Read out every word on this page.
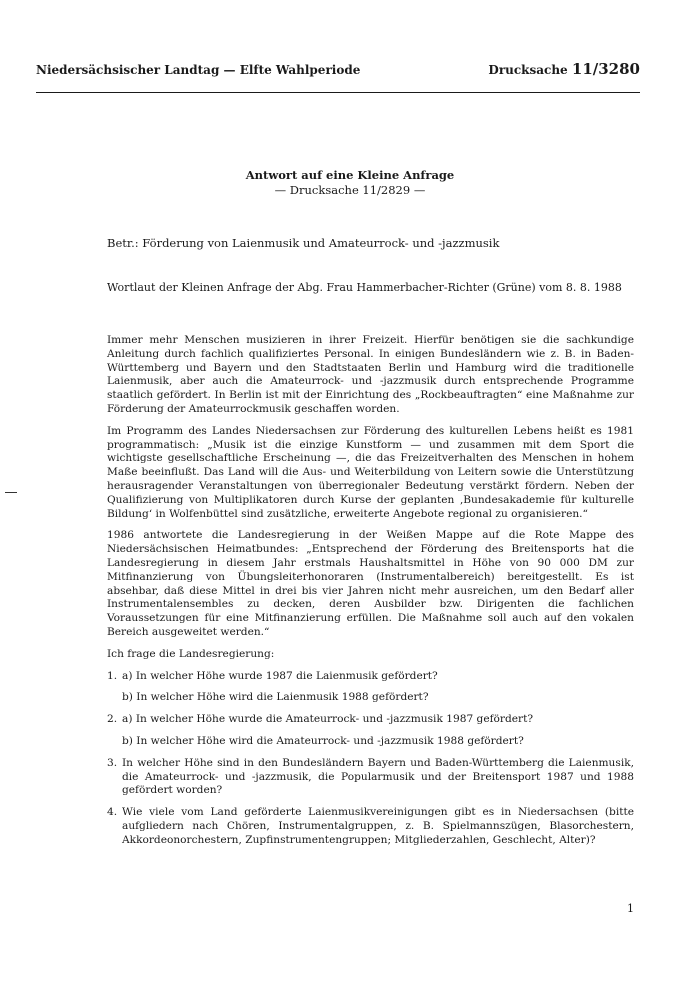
Niedersächsischer Landtag — Elfte Wahlperiode	Drucksache 11/3280
Antwort auf eine Kleine Anfrage
— Drucksache 11/2829 —
Betr.: Förderung von Laienmusik und Amateurrock- und -jazzmusik
Wortlaut der Kleinen Anfrage der Abg. Frau Hammerbacher-Richter (Grüne) vom 8. 8. 1988

Immer mehr Menschen musizieren in ihrer Freizeit. Hierfür benötigen sie die sachkundige Anleitung durch fachlich qualifiziertes Personal. In einigen Bundesländern wie z. B. in Baden-Württemberg und Bayern und den Stadtstaaten Berlin und Hamburg wird die traditionelle Laienmusik, aber auch die Amateurrock- und -jazzmusik durch entsprechende Programme staatlich gefördert. In Berlin ist mit der Einrichtung des „Rockbeauftragten“ eine Maßnahme zur Förderung der Amateurrockmusik geschaffen worden.

Im Programm des Landes Niedersachsen zur Förderung des kulturellen Lebens heißt es 1981 programmatisch: „Musik ist die einzige Kunstform — und zusammen mit dem Sport die wichtigste gesellschaftliche Erscheinung —, die das Freizeitverhalten des Menschen in hohem Maße beeinflußt. Das Land will die Aus- und Weiterbildung von Leitern sowie die Unterstützung herausragender Veranstaltungen von überregionaler Bedeutung verstärkt fördern. Neben der Qualifizierung von Multiplikatoren durch Kurse der geplanten ‚Bundesakademie für kulturelle Bildung‘ in Wolfenbüttel sind zusätzliche, erweiterte Angebote regional zu organisieren.“

1986 antwortete die Landesregierung in der Weißen Mappe auf die Rote Mappe des Niedersächsischen Heimatbundes: „Entsprechend der Förderung des Breitensports hat die Landesregierung in diesem Jahr erstmals Haushaltsmittel in Höhe von 90 000 DM zur Mitfinanzierung von Übungsleiterhonoraren (Instrumentalbereich) bereitgestellt. Es ist absehbar, daß diese Mittel in drei bis vier Jahren nicht mehr ausreichen, um den Bedarf aller Instrumentalensembles zu decken, deren Ausbilder bzw. Dirigenten die fachlichen Voraussetzungen für eine Mitfinanzierung erfüllen. Die Maßnahme soll auch auf den vokalen Bereich ausgeweitet werden.“

Ich frage die Landesregierung:

1. a) In welcher Höhe wurde 1987 die Laienmusik gefördert?
b) In welcher Höhe wird die Laienmusik 1988 gefördert?
2. a) In welcher Höhe wurde die Amateurrock- und -jazzmusik 1987 gefördert?
b) In welcher Höhe wird die Amateurrock- und -jazzmusik 1988 gefördert?
3. In welcher Höhe sind in den Bundesländern Bayern und Baden-Württemberg die Laienmusik, die Amateurrock- und -jazzmusik, die Popularmusik und der Breitensport 1987 und 1988 gefördert worden?
4. Wie viele vom Land geförderte Laienmusikvereinigungen gibt es in Niedersachsen (bitte aufgliedern nach Chören, Instrumentalgruppen, z. B. Spielmannszügen, Blasorchestern, Akkordeonorchestern, Zupfinstrumentengruppen; Mitgliederzahlen, Geschlecht, Alter)?
1
